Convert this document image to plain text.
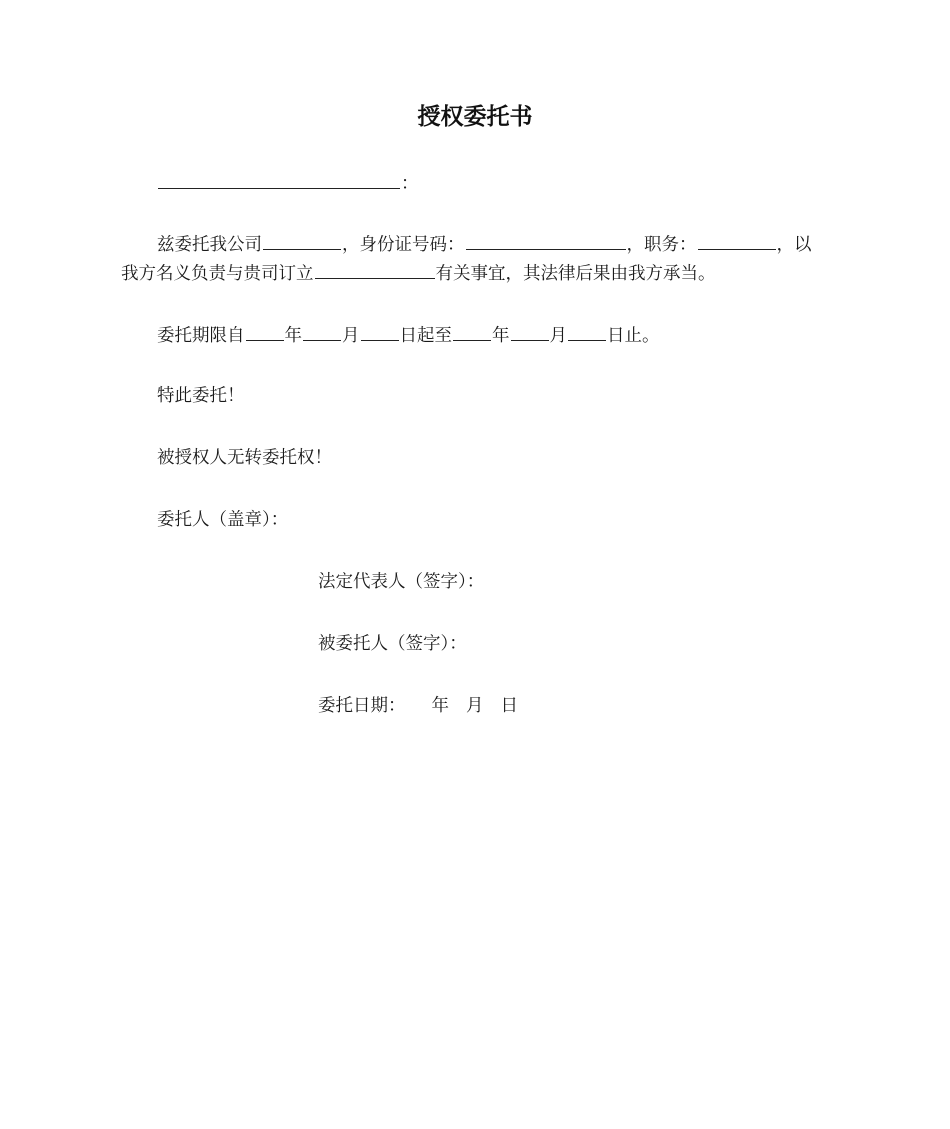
授权委托书
：
兹委托我公司	，身份证号码：	，职务：	，以
我方名义负责与贵司订立	有关事宜，其法律后果由我方承当。
委托期限自 年 月 日起至 年 月 日止。
特此委托！
被授权人无转委托权！
委托人（盖章）：
法定代表人（签字）：
被委托人（签字）：
委托日期： 年 月 日
